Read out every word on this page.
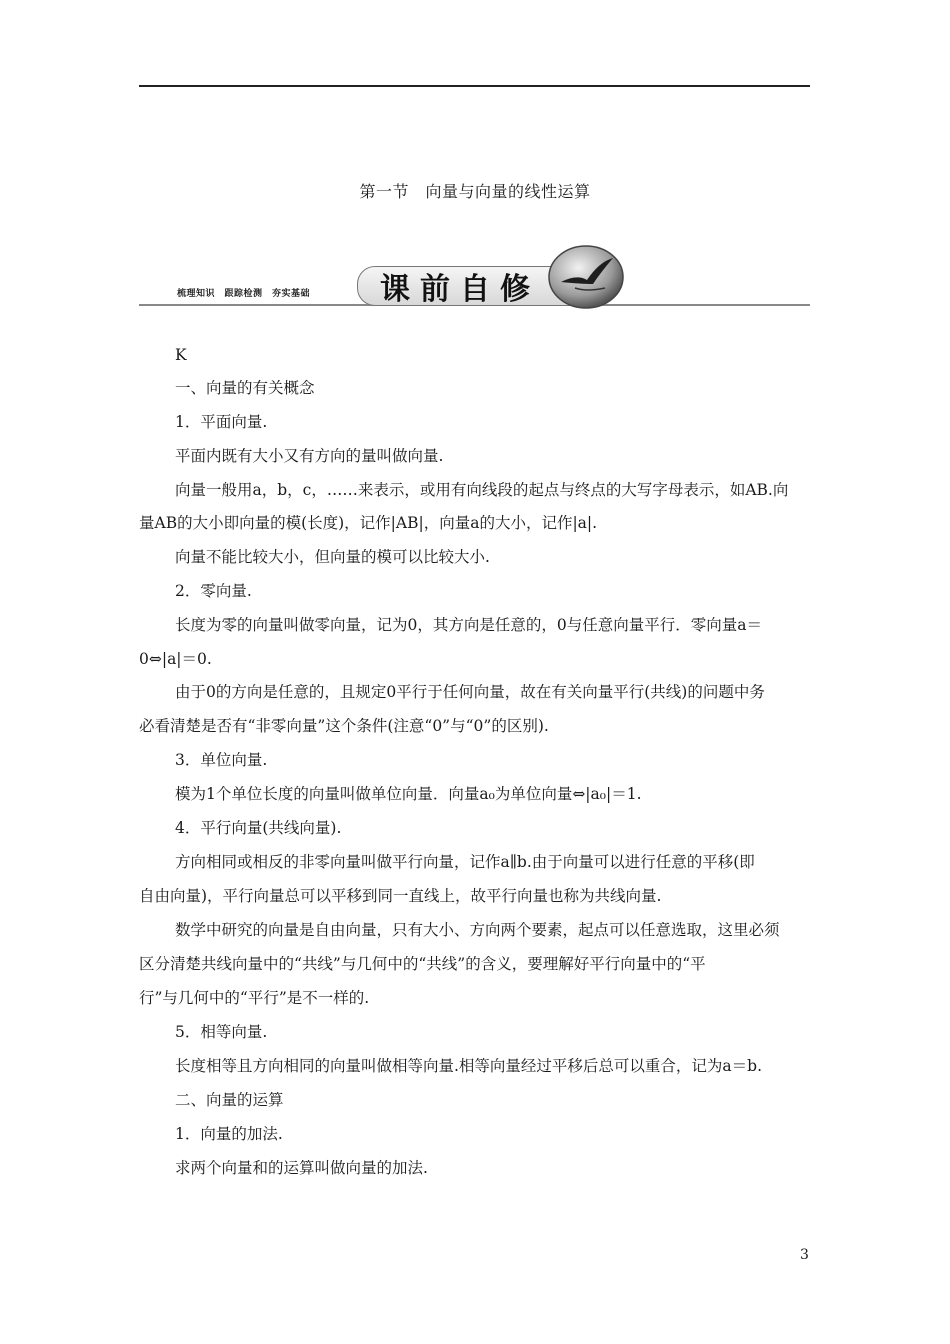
第一节　向量与向量的线性运算
梳理知识　跟踪检测　夯实基础 课前自修
K
一、向量的有关概念
1．平面向量.
平面内既有大小又有方向的量叫做向量.
向量一般用a，b，c，……来表示，或用有向线段的起点与终点的大写字母表示，如AB.向
量AB的大小即向量的模(长度)，记作|AB|，向量a的大小，记作|a|.
向量不能比较大小，但向量的模可以比较大小.
2．零向量.
长度为零的向量叫做零向量，记为0，其方向是任意的，0与任意向量平行．零向量a＝
0⇔|a|＝0.
由于0的方向是任意的，且规定0平行于任何向量，故在有关向量平行(共线)的问题中务
必看清楚是否有“非零向量”这个条件(注意“0”与“0”的区别).
3．单位向量.
模为1个单位长度的向量叫做单位向量．向量a₀为单位向量⇔|a₀|＝1.
4．平行向量(共线向量).
方向相同或相反的非零向量叫做平行向量，记作a∥b.由于向量可以进行任意的平移(即
自由向量)，平行向量总可以平移到同一直线上，故平行向量也称为共线向量.
数学中研究的向量是自由向量，只有大小、方向两个要素，起点可以任意选取，这里必须
区分清楚共线向量中的“共线”与几何中的“共线”的含义，要理解好平行向量中的“平
行”与几何中的“平行”是不一样的.
5．相等向量.
长度相等且方向相同的向量叫做相等向量.相等向量经过平移后总可以重合，记为a＝b.
二、向量的运算
1．向量的加法.
求两个向量和的运算叫做向量的加法.
3
